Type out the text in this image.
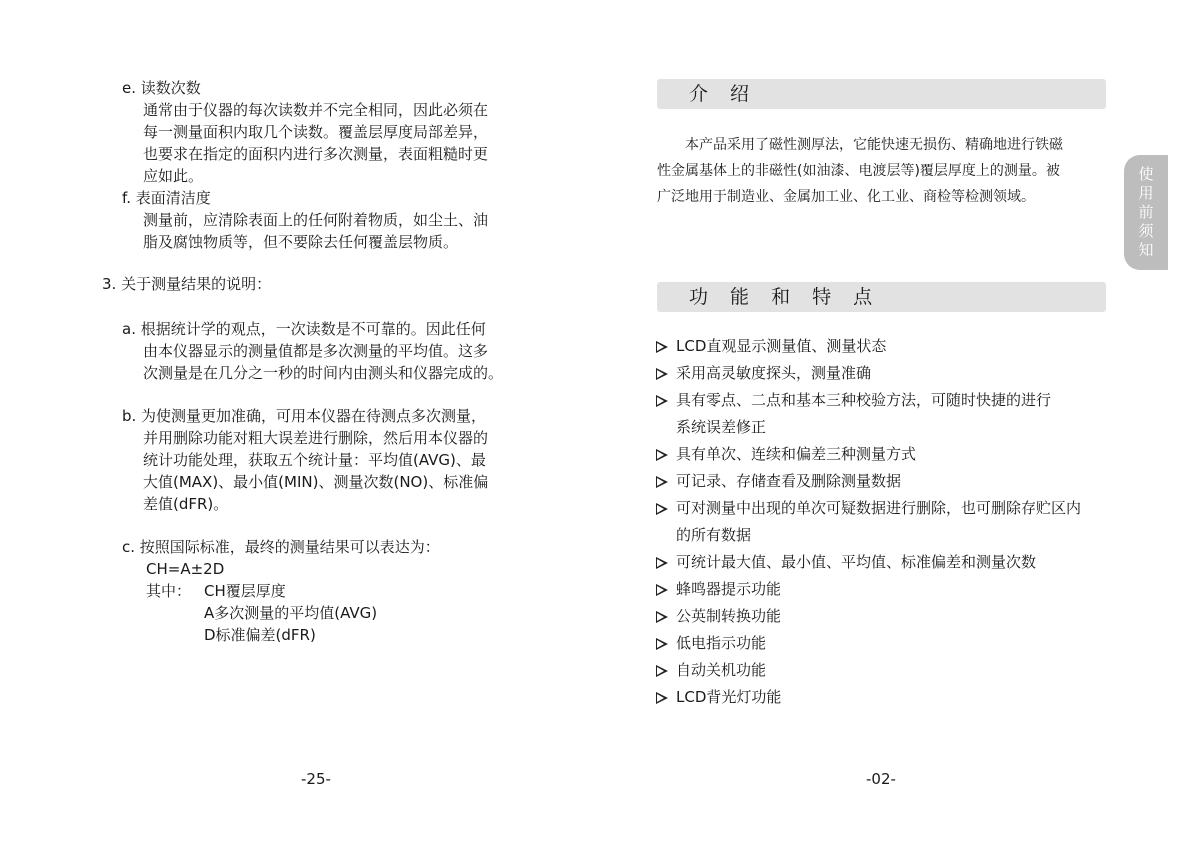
e. 读数次数
通常由于仪器的每次读数并不完全相同，因此必须在
每一测量面积内取几个读数。覆盖层厚度局部差异，
也要求在指定的面积内进行多次测量，表面粗糙时更
应如此。
f. 表面清洁度
测量前，应清除表面上的任何附着物质，如尘土、油
脂及腐蚀物质等，但不要除去任何覆盖层物质。
3. 关于测量结果的说明：
a. 根据统计学的观点，一次读数是不可靠的。因此任何
由本仪器显示的测量值都是多次测量的平均值。这多
次测量是在几分之一秒的时间内由测头和仪器完成的。
b. 为使测量更加准确，可用本仪器在待测点多次测量，
并用删除功能对粗大误差进行删除，然后用本仪器的
统计功能处理，获取五个统计量：平均值(AVG)、最
大值(MAX)、最小值(MIN)、测量次数(NO)、标准偏
差值(dFR)。
c. 按照国际标准，最终的测量结果可以表达为：
CH=A±2D
其中： CH覆层厚度
A多次测量的平均值(AVG)
D标准偏差(dFR)
-25-
介 绍
本产品采用了磁性测厚法，它能快速无损伤、精确地进行铁磁
性金属基体上的非磁性(如油漆、电渡层等)覆层厚度上的测量。被
广泛地用于制造业、金属加工业、化工业、商检等检测领域。
功 能 和 特 点
LCD直观显示测量值、测量状态
采用高灵敏度探头，测量准确
具有零点、二点和基本三种校验方法，可随时快捷的进行
系统误差修正
具有单次、连续和偏差三种测量方式
可记录、存储查看及删除测量数据
可对测量中出现的单次可疑数据进行删除，也可删除存贮区内
的所有数据
可统计最大值、最小值、平均值、标准偏差和测量次数
蜂鸣器提示功能
公英制转换功能
低电指示功能
自动关机功能
LCD背光灯功能
使
用
前
须
知
-02-
